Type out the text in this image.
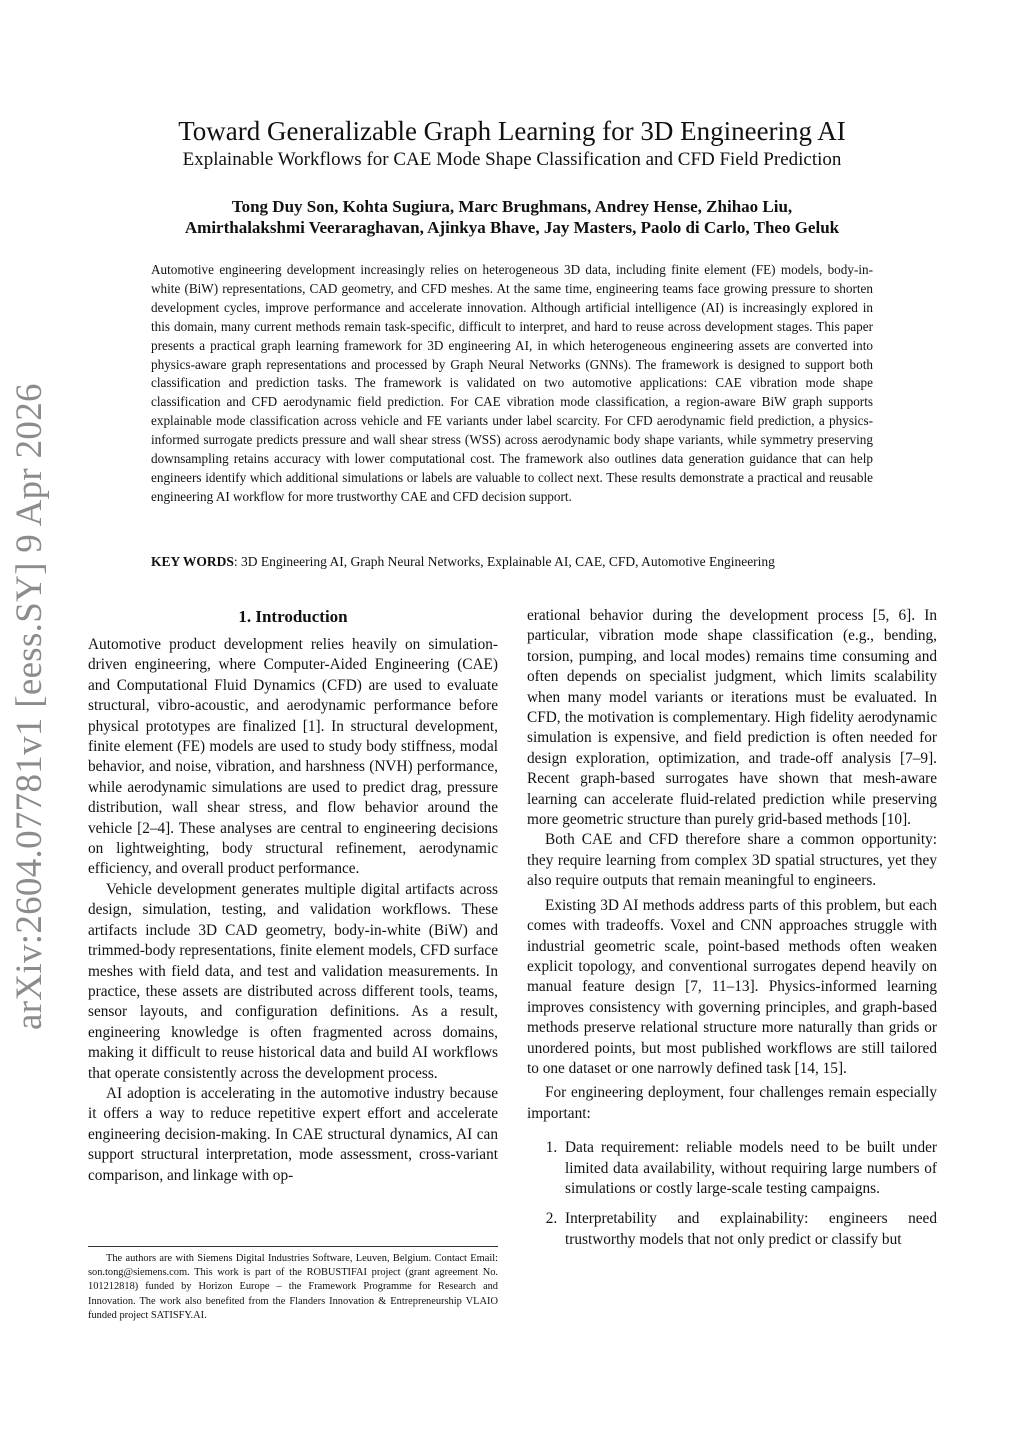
arXiv:2604.07781v1 [eess.SY] 9 Apr 2026
Toward Generalizable Graph Learning for 3D Engineering AI
Explainable Workflows for CAE Mode Shape Classification and CFD Field Prediction
Tong Duy Son, Kohta Sugiura, Marc Brughmans, Andrey Hense, Zhihao Liu,
Amirthalakshmi Veeraraghavan, Ajinkya Bhave, Jay Masters, Paolo di Carlo, Theo Geluk

Automotive engineering development increasingly relies on heterogeneous 3D data, including finite element (FE) models, body-in-white (BiW) representations, CAD geometry, and CFD meshes. At the same time, engineering teams face growing pressure to shorten development cycles, improve performance and accelerate innovation. Although artificial intelligence (AI) is increasingly explored in this domain, many current methods remain task-specific, difficult to interpret, and hard to reuse across development stages. This paper presents a practical graph learning framework for 3D engineering AI, in which heterogeneous engineering assets are converted into physics-aware graph representations and processed by Graph Neural Networks (GNNs). The framework is designed to support both classification and prediction tasks. The framework is validated on two automotive applications: CAE vibration mode shape classification and CFD aerodynamic field prediction. For CAE vibration mode classification, a region-aware BiW graph supports explainable mode classification across vehicle and FE variants under label scarcity. For CFD aerodynamic field prediction, a physics-informed surrogate predicts pressure and wall shear stress (WSS) across aerodynamic body shape variants, while symmetry preserving downsampling retains accuracy with lower computational cost. The framework also outlines data generation guidance that can help engineers identify which additional simulations or labels are valuable to collect next. These results demonstrate a practical and reusable engineering AI workflow for more trustworthy CAE and CFD decision support.

KEY WORDS: 3D Engineering AI, Graph Neural Networks, Explainable AI, CAE, CFD, Automotive Engineering

1. Introduction

Automotive product development relies heavily on simulation-driven engineering, where Computer-Aided Engineering (CAE) and Computational Fluid Dynamics (CFD) are used to evaluate structural, vibro-acoustic, and aerodynamic performance before physical prototypes are finalized [1]. In structural development, finite element (FE) models are used to study body stiffness, modal behavior, and noise, vibration, and harshness (NVH) performance, while aerodynamic simulations are used to predict drag, pressure distribution, wall shear stress, and flow behavior around the vehicle [2–4]. These analyses are central to engineering decisions on lightweighting, body structural refinement, aerodynamic efficiency, and overall product performance.

Vehicle development generates multiple digital artifacts across design, simulation, testing, and validation workflows. These artifacts include 3D CAD geometry, body-in-white (BiW) and trimmed-body representations, finite element models, CFD surface meshes with field data, and test and validation measurements. In practice, these assets are distributed across different tools, teams, sensor layouts, and configuration definitions. As a result, engineering knowledge is often fragmented across domains, making it difficult to reuse historical data and build AI workflows that operate consistently across the development process.

AI adoption is accelerating in the automotive industry because it offers a way to reduce repetitive expert effort and accelerate engineering decision-making. In CAE structural dynamics, AI can support structural interpretation, mode assessment, cross-variant comparison, and linkage with op-

erational behavior during the development process [5, 6]. In particular, vibration mode shape classification (e.g., bending, torsion, pumping, and local modes) remains time consuming and often depends on specialist judgment, which limits scalability when many model variants or iterations must be evaluated. In CFD, the motivation is complementary. High fidelity aerodynamic simulation is expensive, and field prediction is often needed for design exploration, optimization, and trade-off analysis [7–9]. Recent graph-based surrogates have shown that mesh-aware learning can accelerate fluid-related prediction while preserving more geometric structure than purely grid-based methods [10].

Both CAE and CFD therefore share a common opportunity: they require learning from complex 3D spatial structures, yet they also require outputs that remain meaningful to engineers.

Existing 3D AI methods address parts of this problem, but each comes with tradeoffs. Voxel and CNN approaches struggle with industrial geometric scale, point-based methods often weaken explicit topology, and conventional surrogates depend heavily on manual feature design [7, 11–13]. Physics-informed learning improves consistency with governing principles, and graph-based methods preserve relational structure more naturally than grids or unordered points, but most published workflows are still tailored to one dataset or one narrowly defined task [14, 15].

For engineering deployment, four challenges remain especially important:

1. Data requirement: reliable models need to be built under limited data availability, without requiring large numbers of simulations or costly large-scale testing campaigns.
2. Interpretability and explainability: engineers need trustworthy models that not only predict or classify but

The authors are with Siemens Digital Industries Software, Leuven, Belgium. Contact Email: son.tong@siemens.com. This work is part of the ROBUSTIFAI project (grant agreement No. 101212818) funded by Horizon Europe – the Framework Programme for Research and Innovation. The work also benefited from the Flanders Innovation & Entrepreneurship VLAIO funded project SATISFY.AI.
